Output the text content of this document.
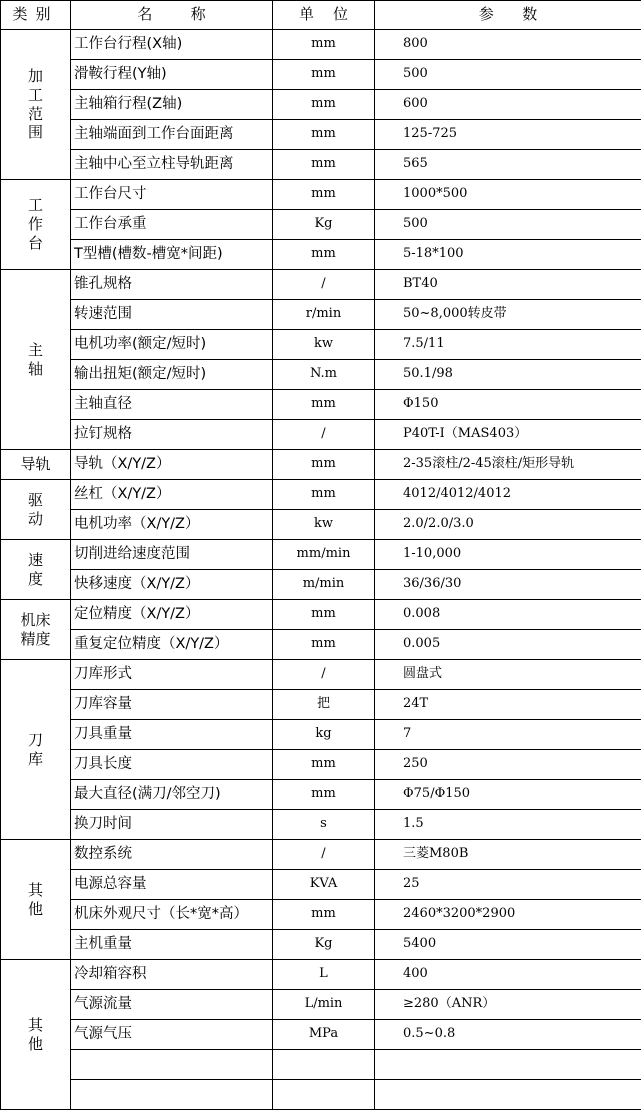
类别	名        称	单    位	参      数
加
工
范
围	工作台行程(X轴)	mm	800
	滑鞍行程(Y轴)	mm	500
	主轴箱行程(Z轴)	mm	600
	主轴端面到工作台面距离	mm	125-725
	主轴中心至立柱导轨距离	mm	565
工
作
台	工作台尺寸	mm	1000*500
	工作台承重	Kg	500
	T型槽(槽数-槽宽*间距)	mm	5-18*100
主
轴	锥孔规格	/	BT40
	转速范围	r/min	50~8,000转皮带
	电机功率(额定/短时)	kw	7.5/11
	输出扭矩(额定/短时)	N.m	50.1/98
	主轴直径	mm	Φ150
	拉钉规格	/	P40T-I（MAS403）
导轨	导轨（X/Y/Z）	mm	2-35滚柱/2-45滚柱/矩形导轨
驱
动	丝杠（X/Y/Z）	mm	4012/4012/4012
	电机功率（X/Y/Z）	kw	2.0/2.0/3.0
速
度	切削进给速度范围	mm/min	1-10,000
	快移速度（X/Y/Z）	m/min	36/36/30
机床
精度	定位精度（X/Y/Z）	mm	0.008
	重复定位精度（X/Y/Z）	mm	0.005
刀
库	刀库形式	/	圆盘式
	刀库容量	把	24T
	刀具重量	kg	7
	刀具长度	mm	250
	最大直径(满刀/邻空刀)	mm	Φ75/Φ150
	换刀时间	s	1.5
其
他	数控系统	/	三菱M80B
	电源总容量	KVA	25
	机床外观尺寸（长*宽*高）	mm	2460*3200*2900
	主机重量	Kg	5400
其
他	冷却箱容积	L	400
	气源流量	L/min	≥280（ANR）
	气源气压	MPa	0.5~0.8
